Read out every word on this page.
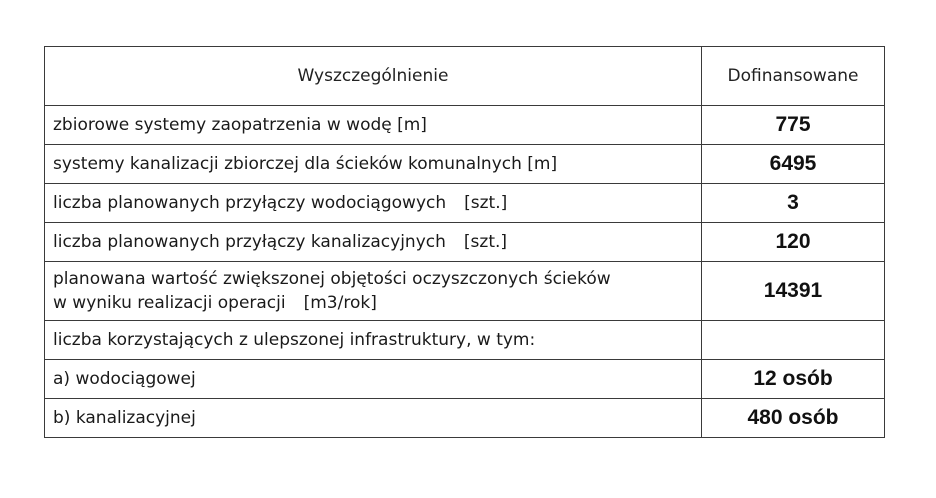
Wyszczególnienie	Dofinansowane
zbiorowe systemy zaopatrzenia w wodę [m]	775
systemy kanalizacji zbiorczej dla ścieków komunalnych [m]	6495
liczba planowanych przyłączy wodociągowych [szt.]	3
liczba planowanych przyłączy kanalizacyjnych [szt.]	120

planowana wartość zwiększonej objętości oczyszczonych ścieków
w wyniku realizacji operacji [m3/rok]	14391
liczba korzystających z ulepszonej infrastruktury, w tym:	
a) wodociągowej	12 osób
b) kanalizacyjnej	480 osób
